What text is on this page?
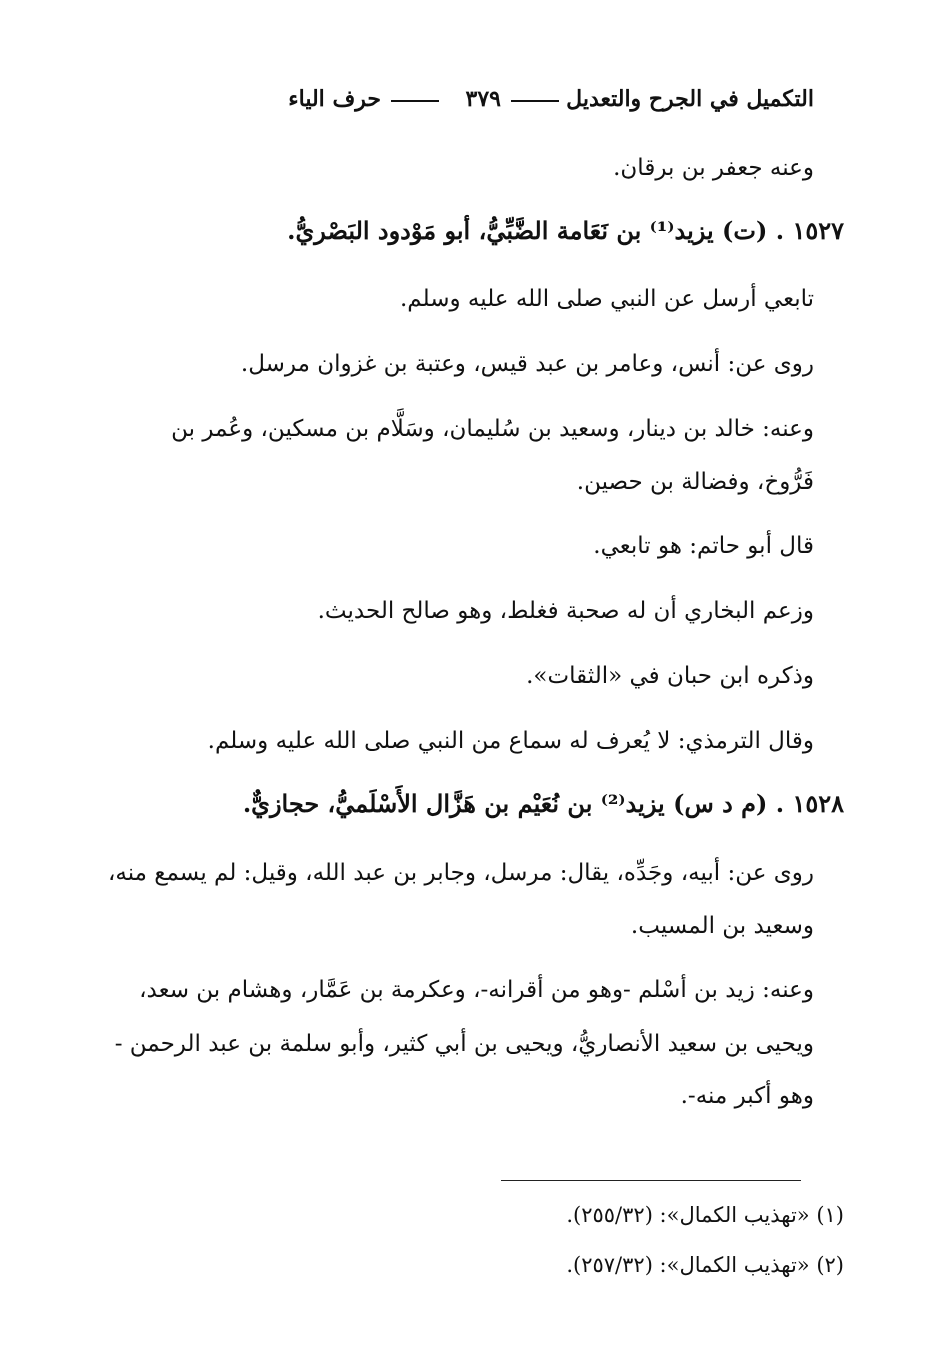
التكميل في الجرح والتعديل
٣٧٩
حرف الياء
وعنه جعفر بن برقان.
١٥٢٧ . (ت) يزيد⁽¹⁾ بن نَعَامة الضَّبِّيُّ، أبو مَوْدود البَصْريُّ.
تابعي أرسل عن النبي صلى الله عليه وسلم.
روى عن: أنس، وعامر بن عبد قيس، وعتبة بن غزوان مرسل.
وعنه: خالد بن دينار، وسعيد بن سُليمان، وسَلَّام بن مسكين، وعُمر بن
فَرُّوخ، وفضالة بن حصين.
قال أبو حاتم: هو تابعي.
وزعم البخاري أن له صحبة فغلط، وهو صالح الحديث.
وذكره ابن حبان في «الثقات».
وقال الترمذي: لا يُعرف له سماع من النبي صلى الله عليه وسلم.
١٥٢٨ . (م د س) يزيد⁽²⁾ بن نُعَيْم بن هَزَّال الأَسْلَميُّ، حجازيٌّ.
روى عن: أبيه، وجَدِّه، يقال: مرسل، وجابر بن عبد الله، وقيل: لم يسمع منه،
وسعيد بن المسيب.
وعنه: زيد بن أسْلم -وهو من أقرانه-، وعكرمة بن عَمَّار، وهشام بن سعد،
ويحيى بن سعيد الأنصاريُّ، ويحيى بن أبي كثير، وأبو سلمة بن عبد الرحمن -
وهو أكبر منه-.
(١) «تهذيب الكمال»: (٢٥٥/٣٢).
(٢) «تهذيب الكمال»: (٢٥٧/٣٢).
